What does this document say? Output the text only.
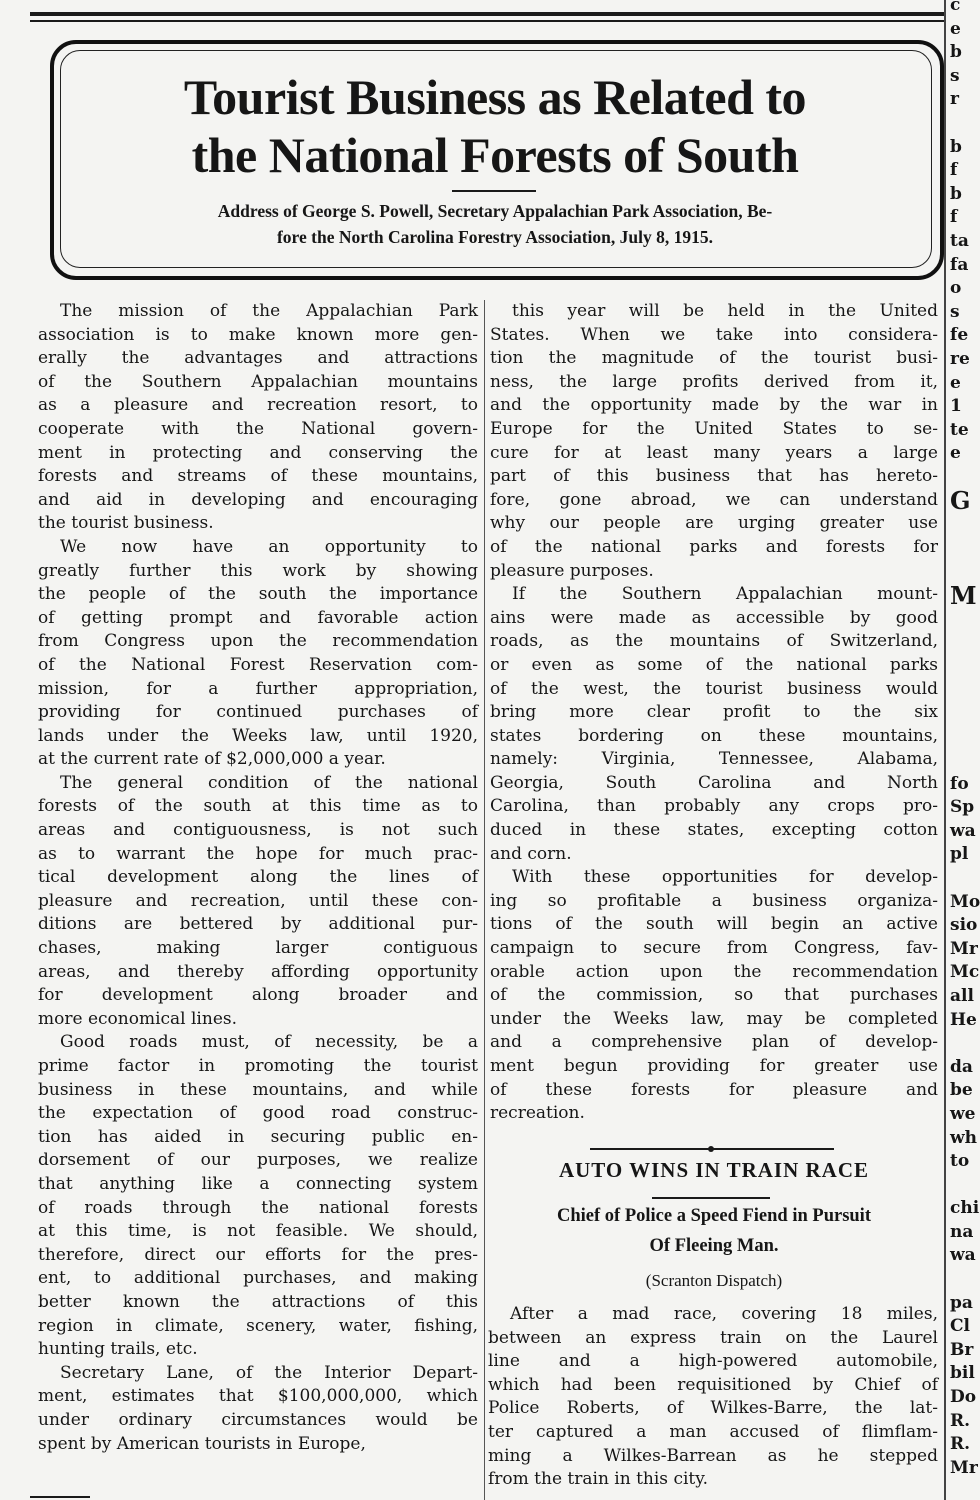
Tourist Business as Related to
the National Forests of South
Address of George S. Powell, Secretary Appalachian Park Association, Be-
fore the North Carolina Forestry Association, July 8, 1915.
The mission of the Appalachian Park
association is to make known more gen-
erally the advantages and attractions
of the Southern Appalachian mountains
as a pleasure and recreation resort, to
cooperate with the National govern-
ment in protecting and conserving the
forests and streams of these mountains,
and aid in developing and encouraging
the tourist business.
We now have an opportunity to
greatly further this work by showing
the people of the south the importance
of getting prompt and favorable action
from Congress upon the recommendation
of the National Forest Reservation com-
mission, for a further appropriation,
providing for continued purchases of
lands under the Weeks law, until 1920,
at the current rate of $2,000,000 a year.
The general condition of the national
forests of the south at this time as to
areas and contiguousness, is not such
as to warrant the hope for much prac-
tical development along the lines of
pleasure and recreation, until these con-
ditions are bettered by additional pur-
chases, making larger contiguous
areas, and thereby affording opportunity
for development along broader and
more economical lines.
Good roads must, of necessity, be a
prime factor in promoting the tourist
business in these mountains, and while
the expectation of good road construc-
tion has aided in securing public en-
dorsement of our purposes, we realize
that anything like a connecting system
of roads through the national forests
at this time, is not feasible. We should,
therefore, direct our efforts for the pres-
ent, to additional purchases, and making
better known the attractions of this
region in climate, scenery, water, fishing,
hunting trails, etc.
Secretary Lane, of the Interior Depart-
ment, estimates that $100,000,000, which
under ordinary circumstances would be
spent by American tourists in Europe,
this year will be held in the United
States. When we take into considera-
tion the magnitude of the tourist busi-
ness, the large profits derived from it,
and the opportunity made by the war in
Europe for the United States to se-
cure for at least many years a large
part of this business that has hereto-
fore, gone abroad, we can understand
why our people are urging greater use
of the national parks and forests for
pleasure purposes.
If the Southern Appalachian mount-
ains were made as accessible by good
roads, as the mountains of Switzerland,
or even as some of the national parks
of the west, the tourist business would
bring more clear profit to the six
states bordering on these mountains,
namely: Virginia, Tennessee, Alabama,
Georgia, South Carolina and North
Carolina, than probably any crops pro-
duced in these states, excepting cotton
and corn.
With these opportunities for develop-
ing so profitable a business organiza-
tions of the south will begin an active
campaign to secure from Congress, fav-
orable action upon the recommendation
of the commission, so that purchases
under the Weeks law, may be completed
and a comprehensive plan of develop-
ment begun providing for greater use
of these forests for pleasure and
recreation.
AUTO WINS IN TRAIN RACE
Chief of Police a Speed Fiend in Pursuit
Of Fleeing Man.
(Scranton Dispatch)
After a mad race, covering 18 miles,
between an express train on the Laurel
line and a high-powered automobile,
which had been requisitioned by Chief of
Police Roberts, of Wilkes-Barre, the lat-
ter captured a man accused of flimflam-
ming a Wilkes-Barrean as he stepped
from the train in this city.
c
e
b
s
r
b
f
b
f
ta
fa
o
s
fe
re
e
1
te
e
G
M
fo
Sp
wa
pl
Mo
sio
Mr
Mc
all
He
da
be
we
wh
to
chi
na
wa
pa
Cl
Br
bil
Do
R.
R.
Mr
